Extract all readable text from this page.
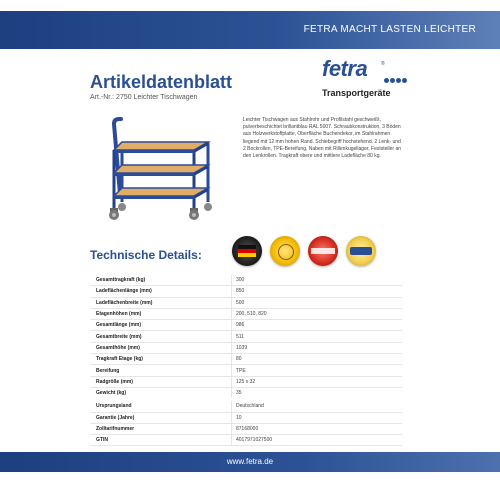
FETRA MACHT LASTEN LEICHTER
Artikeldatenblatt
Art.-Nr.: 2750 Leichter Tischwagen
fetra	®
Transportgeräte
Leichter Tischwagen aus Stahlrohr und Profilstahl geschweißt, pulverbeschichtet brillantblau RAL 5007. Schraubkonstruktion, 3 Böden aus Holzwerkstoffplatte, Oberfläche Buchendekor, im Stahlrahmen liegend mit 12 mm hohen Rand. Schiebegriff hochstehend. 2 Lenk- und 2 Bockrollen, TPE-Bereifung, Naben mit Rillenkugellager, Feststeller an den Lenkrollen. Tragkraft obere und mittlere Ladefläche 80 kg.
Technische Details:
Gesamttragkraft (kg)	300
Ladeflächenlänge (mm)	850
Ladeflächenbreite (mm)	500
Etagenhöhen (mm)	200, 510, 820
Gesamtlänge (mm)	986
Gesamtbreite (mm)	511
Gesamthöhe (mm)	1039
Tragkraft Etage (kg)	80
Bereifung	TPE
Radgröße (mm)	125 x 32
Gewicht (kg)	35
Ursprungsland	Deutschland
Garantie (Jahre)	10
Zolltarifnummer	87168000
GTIN	4017971027500
www.fetra.de
